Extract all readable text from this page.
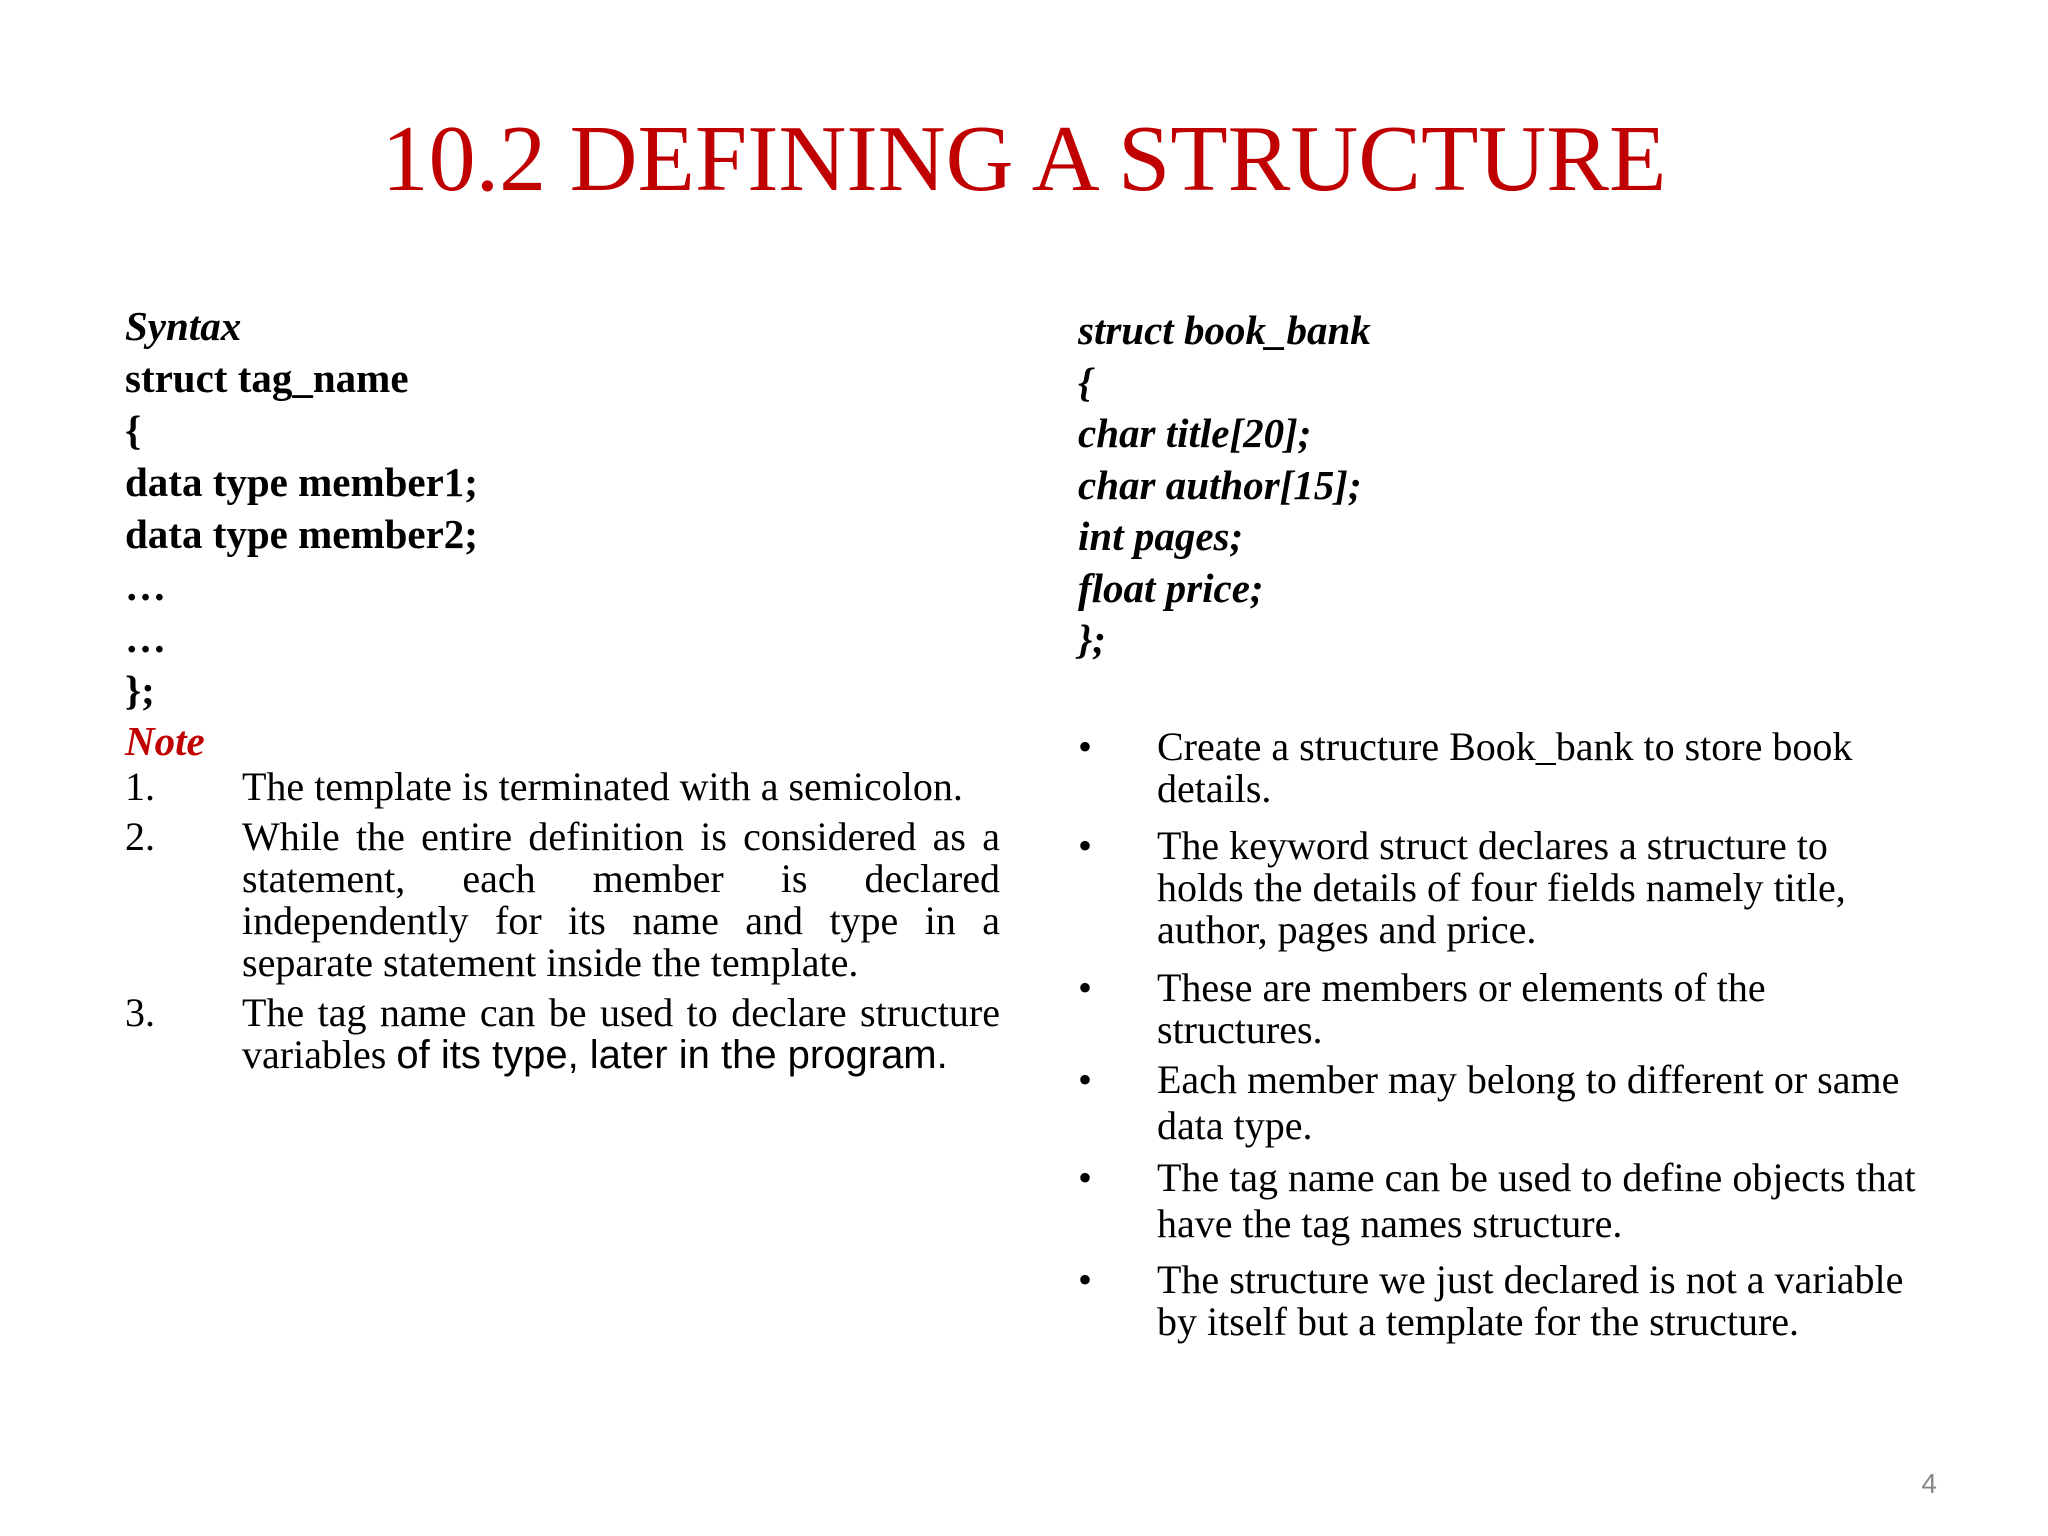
10.2 DEFINING A STRUCTURE
Syntax
struct tag_name
{
data type member1;
data type member2;
…
…
};
Note
1. The template is terminated with a semicolon.
2. While the entire definition is considered as a statement, each member is declared independently for its name and type in a separate statement inside the template.
3. The tag name can be used to declare structure variables of its type, later in the program.
struct book_bank
{
char title[20];
char author[15];
int pages;
float price;
};
• Create a structure Book_bank to store book details.
• The keyword struct declares a structure to holds the details of four fields namely title, author, pages and price.
• These are members or elements of the structures.
• Each member may belong to different or same data type.
• The tag name can be used to define objects that have the tag names structure.
• The structure we just declared is not a variable by itself but a template for the structure.
4
